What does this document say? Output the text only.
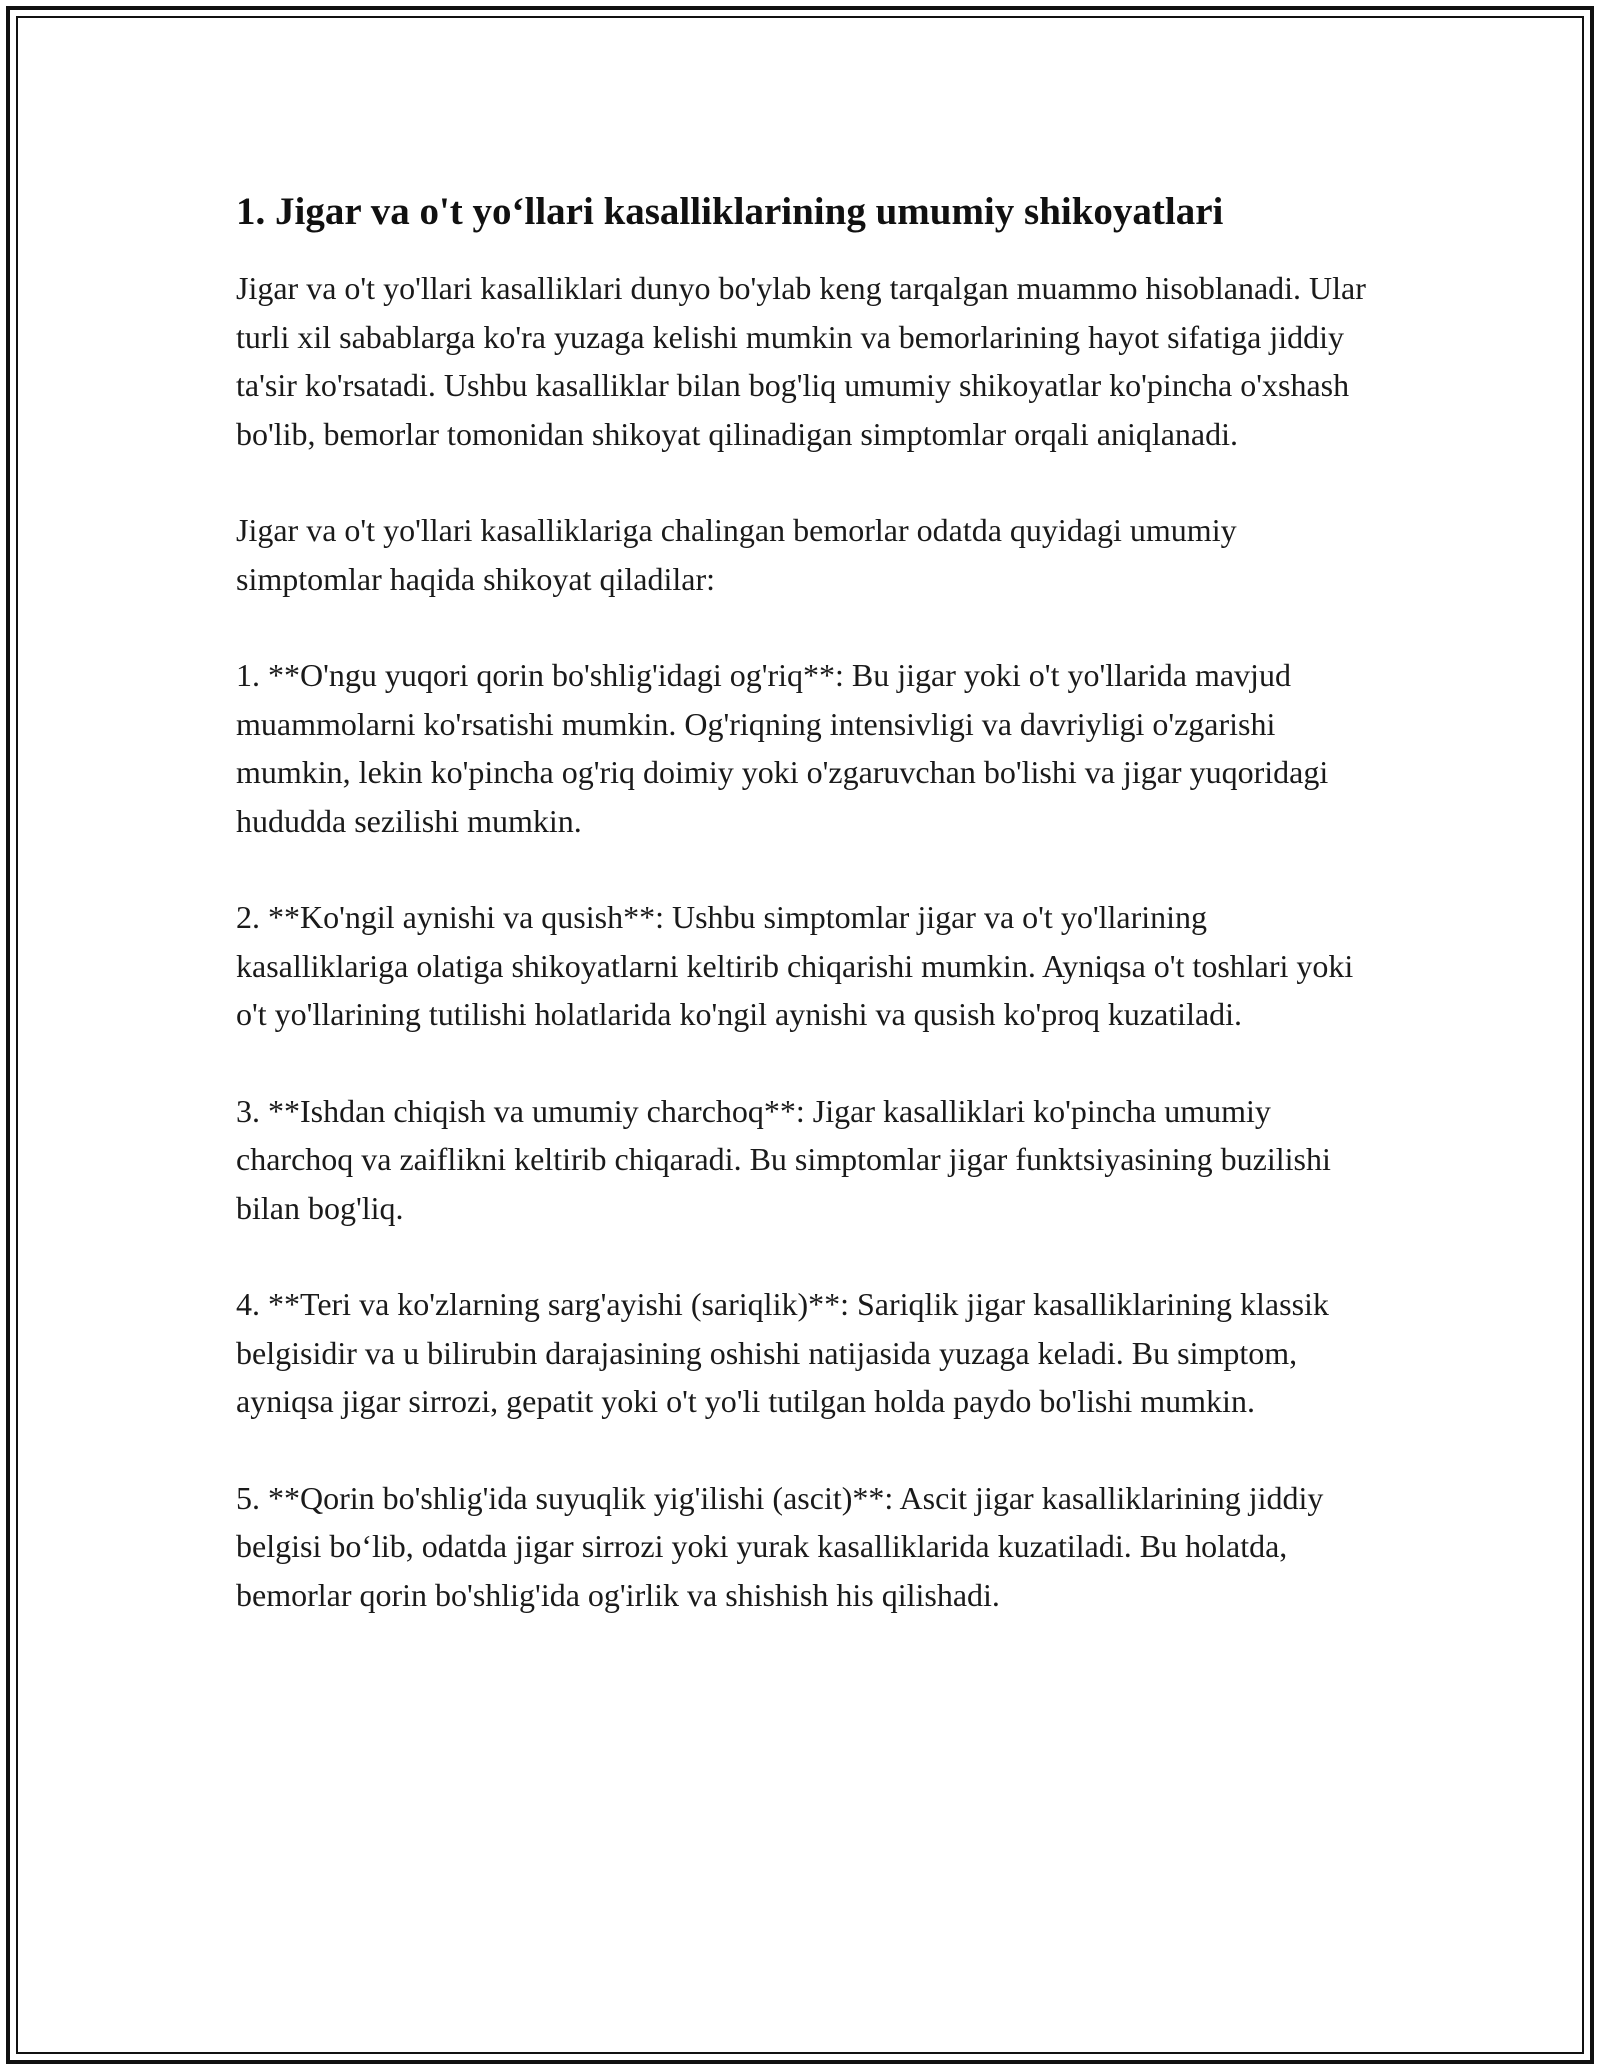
1. Jigar va o't yo‘llari kasalliklarining umumiy shikoyatlari

Jigar va o't yo'llari kasalliklari dunyo bo'ylab keng tarqalgan muammo hisoblanadi. Ular turli xil sabablarga ko'ra yuzaga kelishi mumkin va bemorlarining hayot sifatiga jiddiy ta'sir ko'rsatadi. Ushbu kasalliklar bilan bog'liq umumiy shikoyatlar ko'pincha o'xshash bo'lib, bemorlar tomonidan shikoyat qilinadigan simptomlar orqali aniqlanadi.

Jigar va o't yo'llari kasalliklariga chalingan bemorlar odatda quyidagi umumiy simptomlar haqida shikoyat qiladilar:

1. **O'ngu yuqori qorin bo'shlig'idagi og'riq**: Bu jigar yoki o't yo'llarida mavjud muammolarni ko'rsatishi mumkin. Og'riqning intensivligi va davriyligi o'zgarishi mumkin, lekin ko'pincha og'riq doimiy yoki o'zgaruvchan bo'lishi va jigar yuqoridagi hududda sezilishi mumkin.

2. **Ko'ngil aynishi va qusish**: Ushbu simptomlar jigar va o't yo'llarining kasalliklariga olatiga shikoyatlarni keltirib chiqarishi mumkin. Ayniqsa o't toshlari yoki o't yo'llarining tutilishi holatlarida ko'ngil aynishi va qusish ko'proq kuzatiladi.

3. **Ishdan chiqish va umumiy charchoq**: Jigar kasalliklari ko'pincha umumiy charchoq va zaiflikni keltirib chiqaradi. Bu simptomlar jigar funktsiyasining buzilishi bilan bog'liq.

4. **Teri va ko'zlarning sarg'ayishi (sariqlik)**: Sariqlik jigar kasalliklarining klassik belgisidir va u bilirubin darajasining oshishi natijasida yuzaga keladi. Bu simptom, ayniqsa jigar sirrozi, gepatit yoki o't yo'li tutilgan holda paydo bo'lishi mumkin.

5. **Qorin bo'shlig'ida suyuqlik yig'ilishi (ascit)**: Ascit jigar kasalliklarining jiddiy belgisi bo‘lib, odatda jigar sirrozi yoki yurak kasalliklarida kuzatiladi. Bu holatda, bemorlar qorin bo'shlig'ida og'irlik va shishish his qilishadi.
